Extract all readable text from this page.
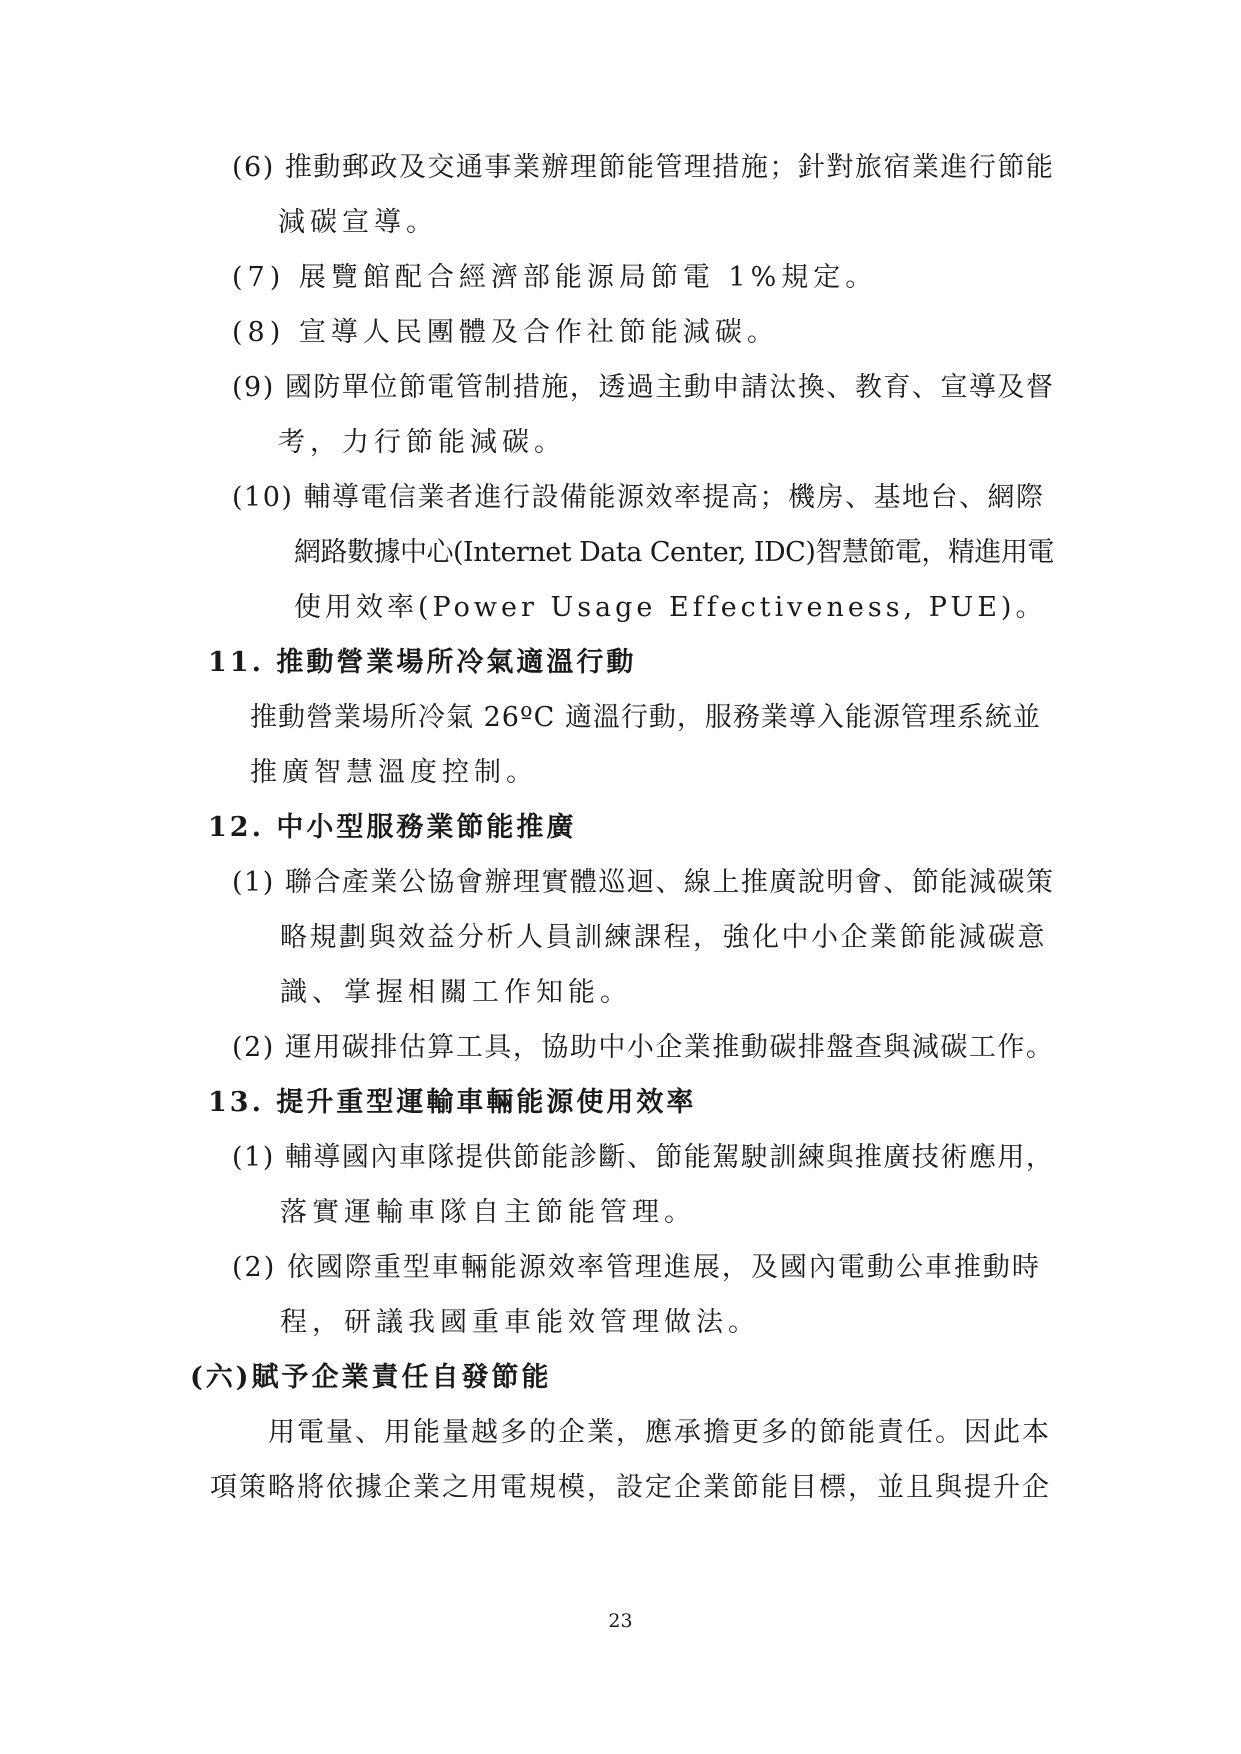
(6) 推動郵政及交通事業辦理節能管理措施；針對旅宿業進行節能
減碳宣導。
(7) 展覽館配合經濟部能源局節電 1%規定。
(8) 宣導人民團體及合作社節能減碳。
(9) 國防單位節電管制措施，透過主動申請汰換、教育、宣導及督
考，力行節能減碳。
(10) 輔導電信業者進行設備能源效率提高；機房、基地台、網際
網路數據中心(Internet Data Center, IDC)智慧節電，精進用電
使用效率(Power Usage Effectiveness, PUE)。
11. 推動營業場所冷氣適溫行動
推動營業場所冷氣 26ºC 適溫行動，服務業導入能源管理系統並
推廣智慧溫度控制。
12. 中小型服務業節能推廣
(1) 聯合產業公協會辦理實體巡迴、線上推廣說明會、節能減碳策
略規劃與效益分析人員訓練課程，強化中小企業節能減碳意
識、掌握相關工作知能。
(2) 運用碳排估算工具，協助中小企業推動碳排盤查與減碳工作。
13. 提升重型運輸車輛能源使用效率
(1) 輔導國內車隊提供節能診斷、節能駕駛訓練與推廣技術應用，
落實運輸車隊自主節能管理。
(2) 依國際重型車輛能源效率管理進展，及國內電動公車推動時
程，研議我國重車能效管理做法。
(六)賦予企業責任自發節能
用電量、用能量越多的企業，應承擔更多的節能責任。因此本
項策略將依據企業之用電規模，設定企業節能目標，並且與提升企
23
